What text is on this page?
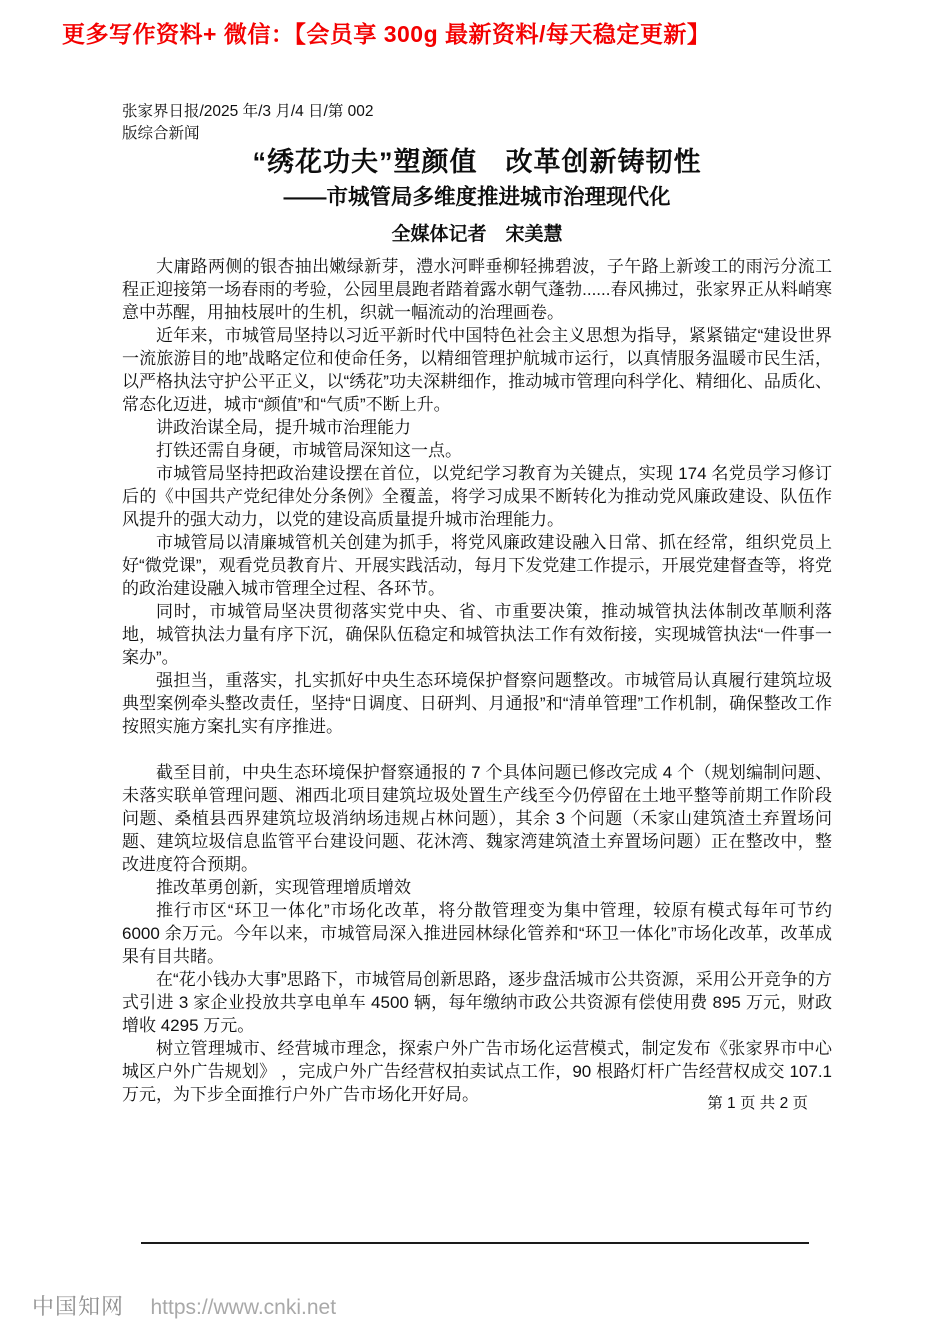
更多写作资料+ 微信：【会员享 300g 最新资料/每天稳定更新】
张家界日报/2025 年/3 月/4 日/第 002
版综合新闻
“绣花功夫”塑颜值　改革创新铸韧性
——市城管局多维度推进城市治理现代化
全媒体记者　宋美慧

大庸路两侧的银杏抽出嫩绿新芽，澧水河畔垂柳轻拂碧波，子午路上新竣工的雨污分流工程正迎接第一场春雨的考验，公园里晨跑者踏着露水朝气蓬勃......春风拂过，张家界正从料峭寒意中苏醒，用抽枝展叶的生机，织就一幅流动的治理画卷。

近年来，市城管局坚持以习近平新时代中国特色社会主义思想为指导，紧紧锚定“建设世界一流旅游目的地”战略定位和使命任务，以精细管理护航城市运行，以真情服务温暖市民生活，以严格执法守护公平正义，以“绣花”功夫深耕细作，推动城市管理向科学化、精细化、品质化、常态化迈进，城市“颜值”和“气质”不断上升。

讲政治谋全局，提升城市治理能力

打铁还需自身硬，市城管局深知这一点。

市城管局坚持把政治建设摆在首位，以党纪学习教育为关键点，实现 174 名党员学习修订后的《中国共产党纪律处分条例》全覆盖，将学习成果不断转化为推动党风廉政建设、队伍作风提升的强大动力，以党的建设高质量提升城市治理能力。

市城管局以清廉城管机关创建为抓手，将党风廉政建设融入日常、抓在经常，组织党员上好“微党课”，观看党员教育片、开展实践活动，每月下发党建工作提示，开展党建督查等，将党的政治建设融入城市管理全过程、各环节。

同时，市城管局坚决贯彻落实党中央、省、市重要决策，推动城管执法体制改革顺利落地，城管执法力量有序下沉，确保队伍稳定和城管执法工作有效衔接，实现城管执法“一件事一案办”。

强担当，重落实，扎实抓好中央生态环境保护督察问题整改。市城管局认真履行建筑垃圾典型案例牵头整改责任，坚持“日调度、日研判、月通报”和“清单管理”工作机制，确保整改工作按照实施方案扎实有序推进。

截至目前，中央生态环境保护督察通报的 7 个具体问题已修改完成 4 个（规划编制问题、未落实联单管理问题、湘西北项目建筑垃圾处置生产线至今仍停留在土地平整等前期工作阶段问题、桑植县西界建筑垃圾消纳场违规占林问题），其余 3 个问题（禾家山建筑渣土弃置场问题、建筑垃圾信息监管平台建设问题、花沐湾、魏家湾建筑渣土弃置场问题）正在整改中，整改进度符合预期。

推改革勇创新，实现管理增质增效

推行市区“环卫一体化”市场化改革，将分散管理变为集中管理，较原有模式每年可节约 6000 余万元。今年以来，市城管局深入推进园林绿化管养和“环卫一体化”市场化改革，改革成果有目共睹。

在“花小钱办大事”思路下，市城管局创新思路，逐步盘活城市公共资源，采用公开竞争的方式引进 3 家企业投放共享电单车 4500 辆，每年缴纳市政公共资源有偿使用费 895 万元，财政增收 4295 万元。

树立管理城市、经营城市理念，探索户外广告市场化运营模式，制定发布《张家界市中心城区户外广告规划》 ，完成户外广告经营权拍卖试点工作，90 根路灯杆广告经营权成交 107.1 万元，为下步全面推行户外广告市场化开好局。	第 1 页 共 2 页
中国知网 https://www.cnki.net
